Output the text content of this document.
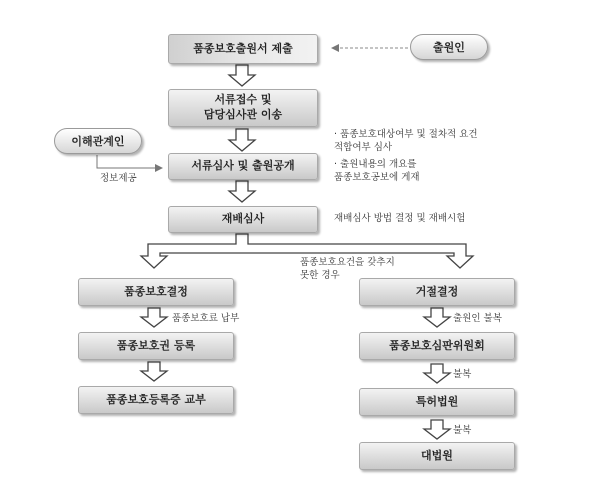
품종보호출원서 제출	출원인
서류접수 및
담당심사관 이송
이해관계인
정보제공
서류심사 및 출원공개
· 품종보호대상여부 및 절차적 요건
적합여부 심사
· 출원내용의 개요를
품종보호공보에 게재
재배심사	재배심사 방법 결정 및 재배시험
품종보호요건을 갖추지
못한 경우
품종보호결정
품종보호료 납부
품종보호권 등록
품종보호등록증 교부
거절결정
출원인 불복
품종보호심판위원회
불복
특허법원
불복
대법원
